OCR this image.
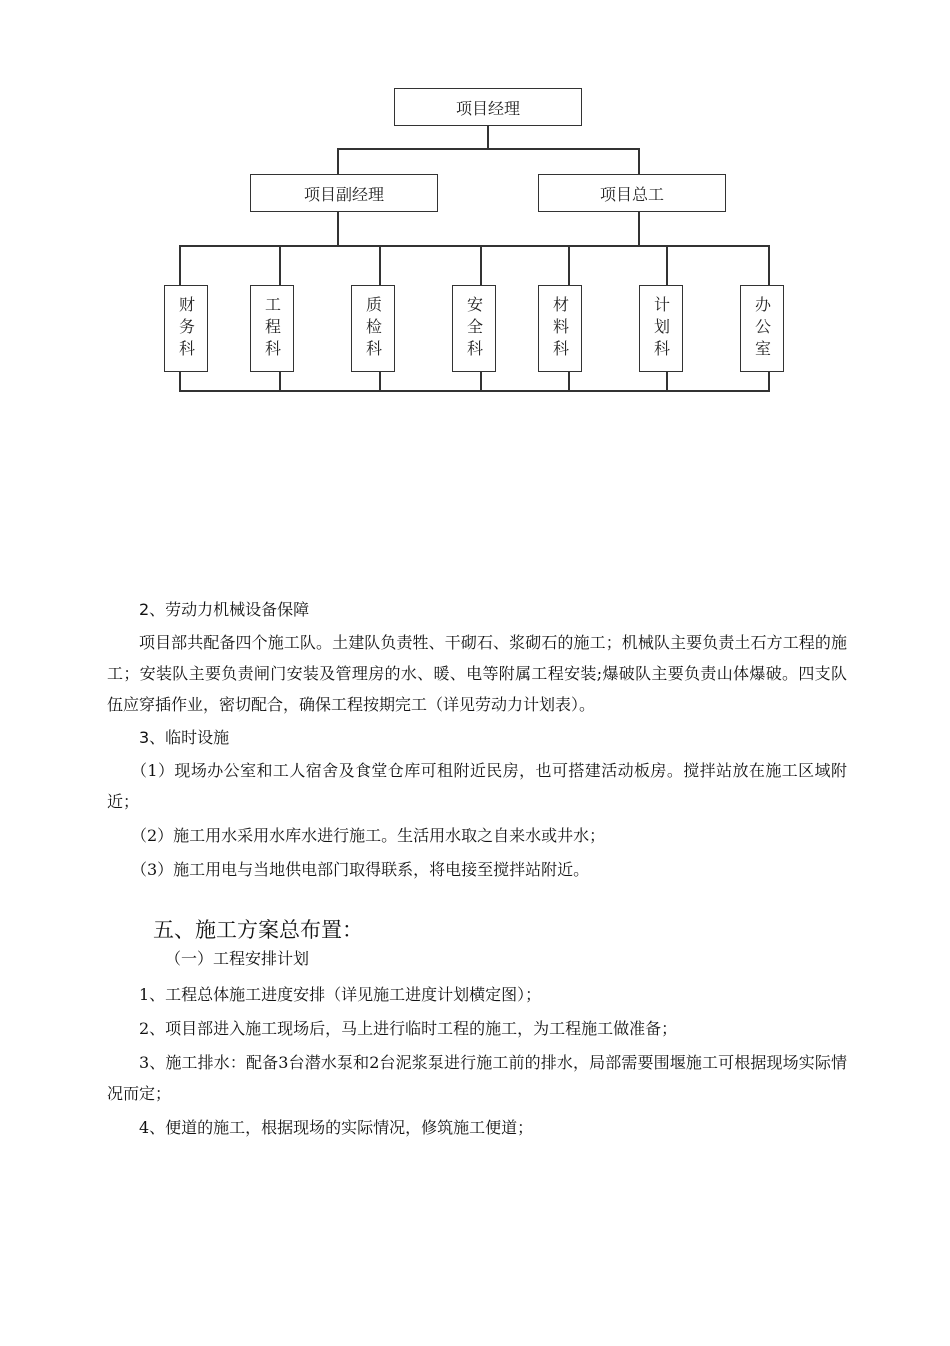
项目经理
项目副经理	项目总工
财务科	工程科	质检科	安全科	材料科	计划科	办公室

2、劳动力机械设备保障

项目部共配备四个施工队。土建队负责牲、干砌石、浆砌石的施工；机械队主要负责土石方工程的施工；安装队主要负责闸门安装及管理房的水、暖、电等附属工程安装;爆破队主要负责山体爆破。四支队伍应穿插作业，密切配合，确保工程按期完工（详见劳动力计划表）。

3、临时设施

（1）现场办公室和工人宿舍及食堂仓库可租附近民房，也可搭建活动板房。搅拌站放在施工区域附近；

（2）施工用水采用水库水进行施工。生活用水取之自来水或井水；

（3）施工用电与当地供电部门取得联系，将电接至搅拌站附近。

五、施工方案总布置：

（一）工程安排计划

1、工程总体施工进度安排（详见施工进度计划横定图）；

2、项目部进入施工现场后，马上进行临时工程的施工，为工程施工做准备；

3、施工排水：配备3台潜水泵和2台泥浆泵进行施工前的排水，局部需要围堰施工可根据现场实际情况而定；

4、便道的施工，根据现场的实际情况，修筑施工便道；
